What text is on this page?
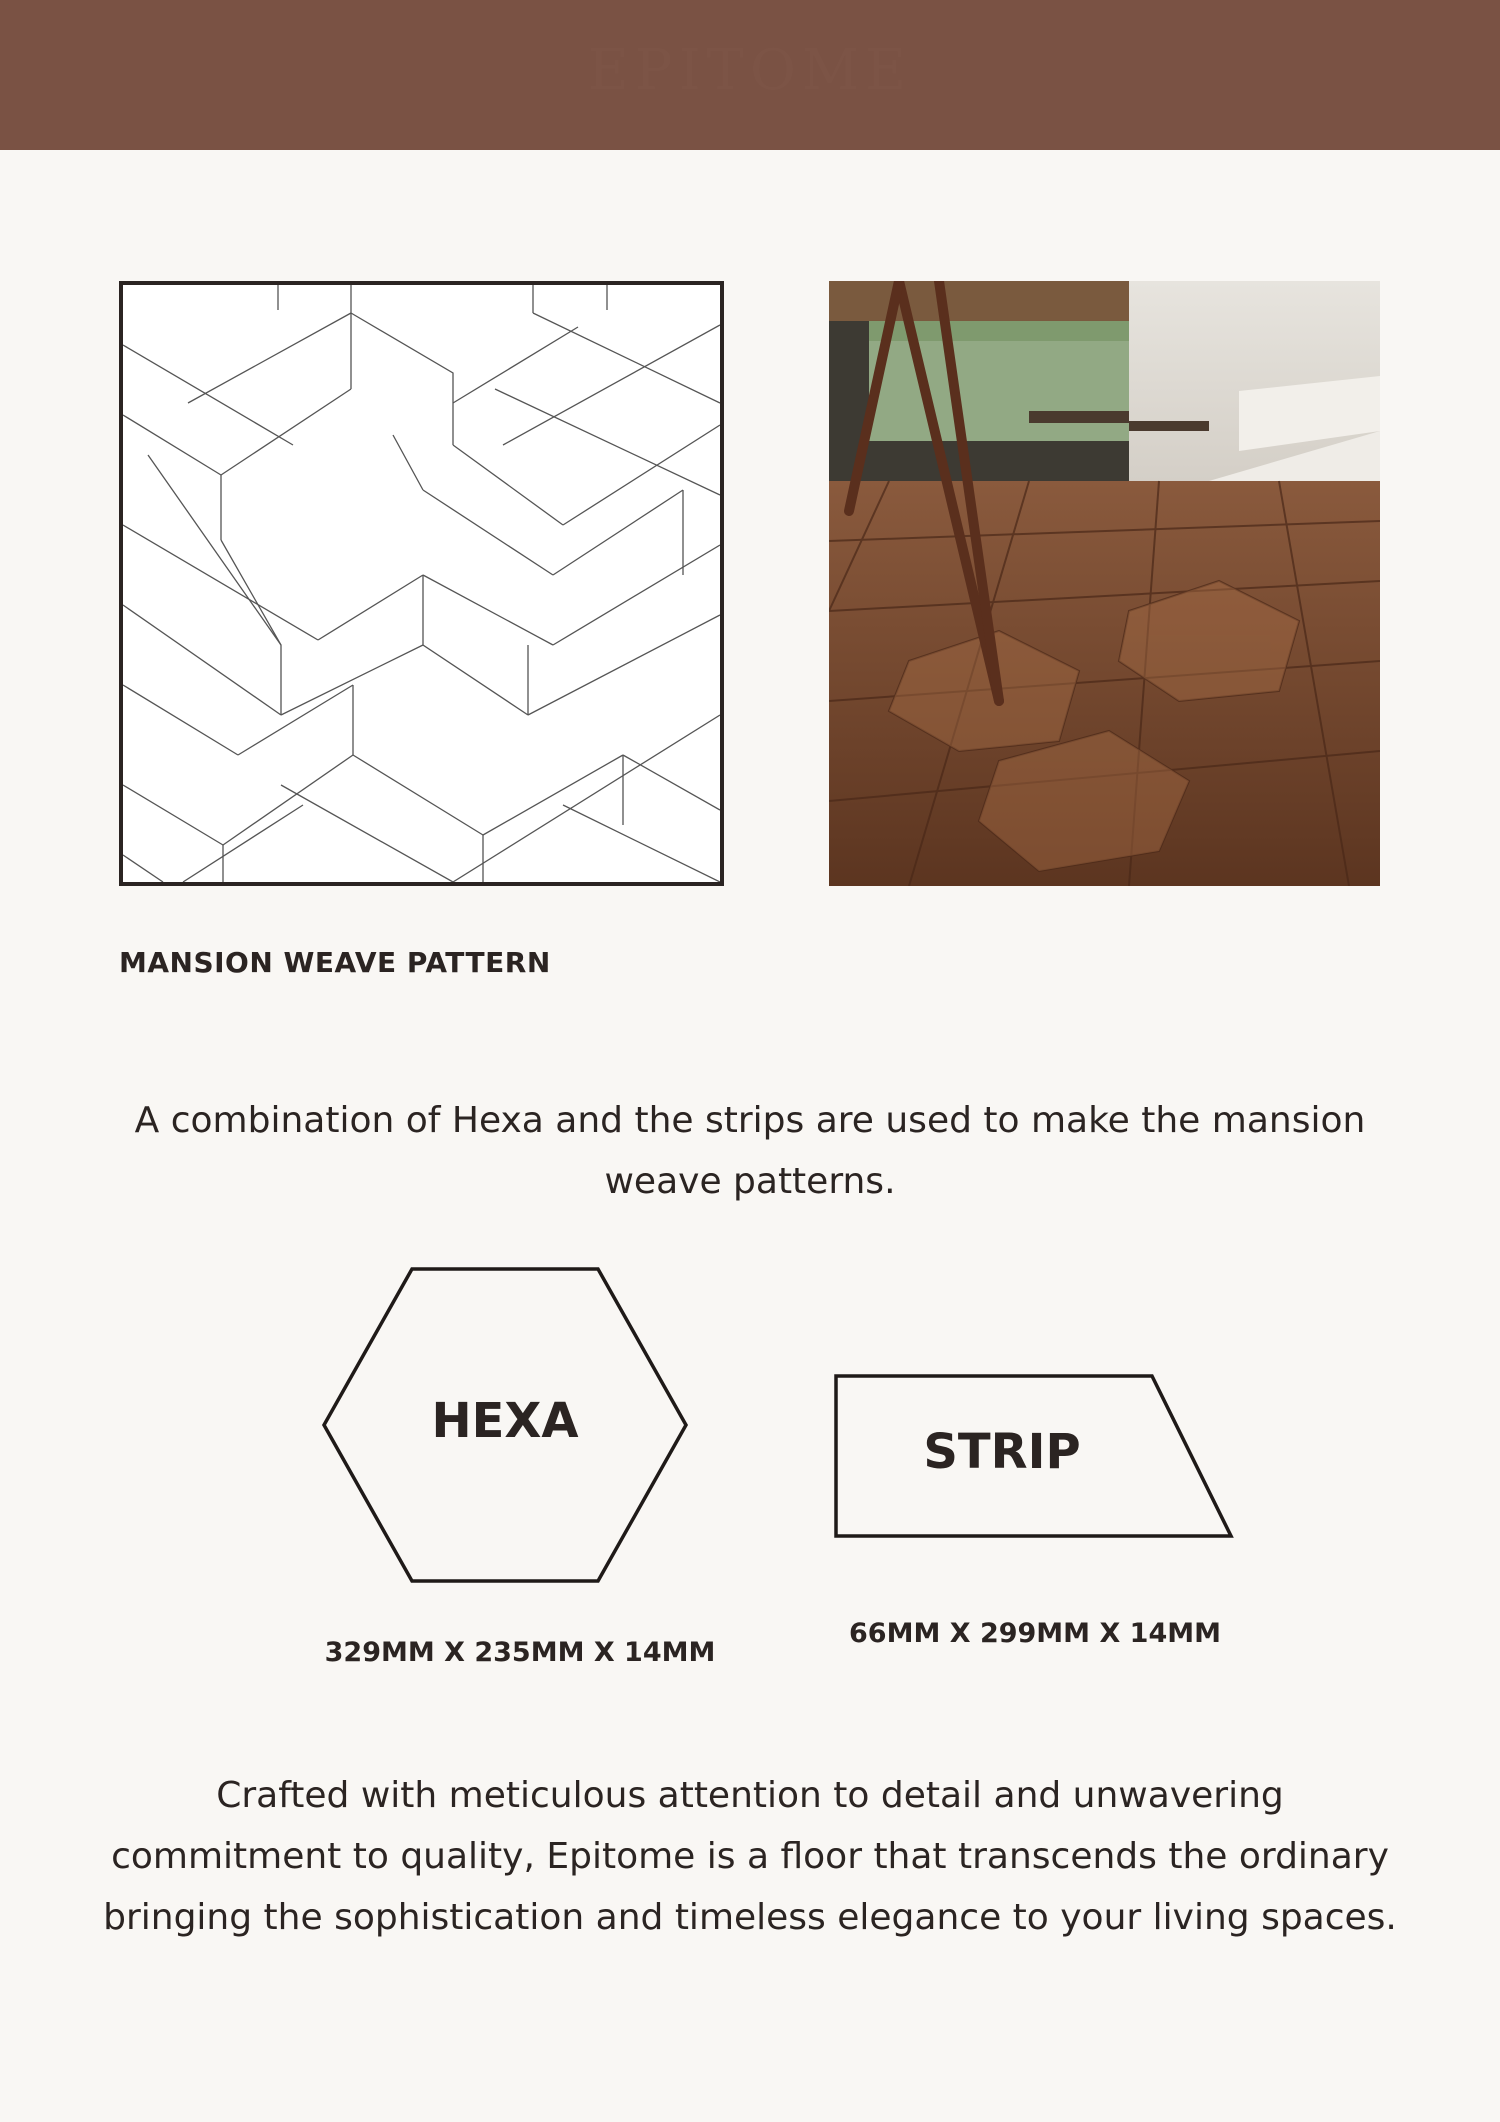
EPITOME
MANSION WEAVE PATTERN
A combination of Hexa and the strips are used to make the mansion weave patterns.
HEXA
STRIP
329MM X 235MM X 14MM
66MM X 299MM X 14MM
Crafted with meticulous attention to detail and unwavering commitment to quality, Epitome is a floor that transcends the ordinary bringing the sophistication and timeless elegance to your living spaces.
